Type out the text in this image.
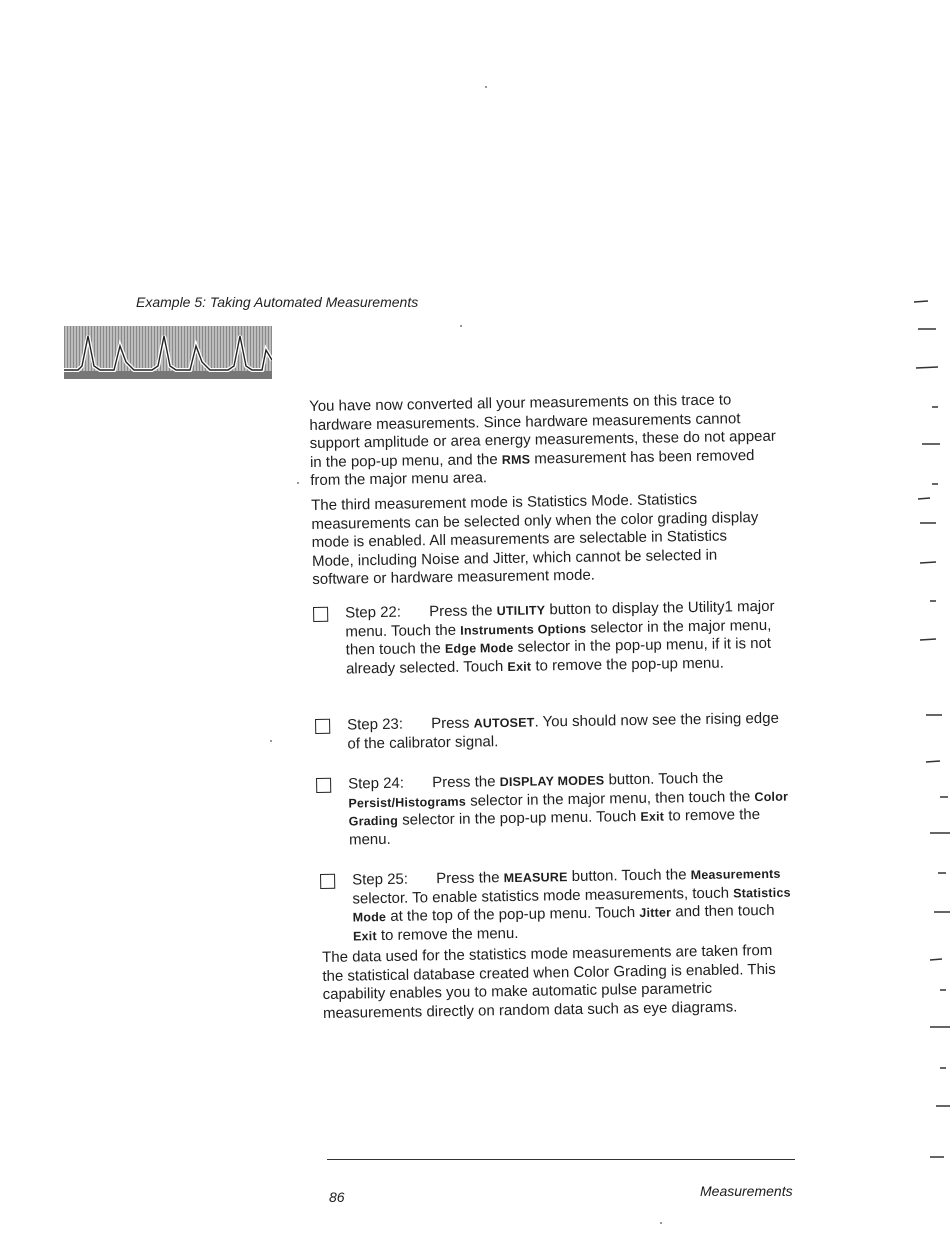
Example 5: Taking Automated Measurements
You have now converted all your measurements on this trace to hardware measurements. Since hardware measurements cannot support amplitude or area energy measurements, these do not appear in the pop-up menu, and the RMS measurement has been removed from the major menu area.
The third measurement mode is Statistics Mode. Statistics measurements can be selected only when the color grading display mode is enabled. All measurements are selectable in Statistics Mode, including Noise and Jitter, which cannot be selected in software or hardware measurement mode.
Step 22: Press the UTILITY button to display the Utility1 major menu. Touch the Instruments Options selector in the major menu, then touch the Edge Mode selector in the pop-up menu, if it is not already selected. Touch Exit to remove the pop-up menu.
Step 23: Press AUTOSET. You should now see the rising edge of the calibrator signal.
Step 24: Press the DISPLAY MODES button. Touch the Persist/Histograms selector in the major menu, then touch the Color Grading selector in the pop-up menu. Touch Exit to remove the menu.
Step 25: Press the MEASURE button. Touch the Measurements selector. To enable statistics mode measurements, touch Statistics Mode at the top of the pop-up menu. Touch Jitter and then touch Exit to remove the menu.
The data used for the statistics mode measurements are taken from the statistical database created when Color Grading is enabled. This capability enables you to make automatic pulse parametric measurements directly on random data such as eye diagrams.
86	Measurements
